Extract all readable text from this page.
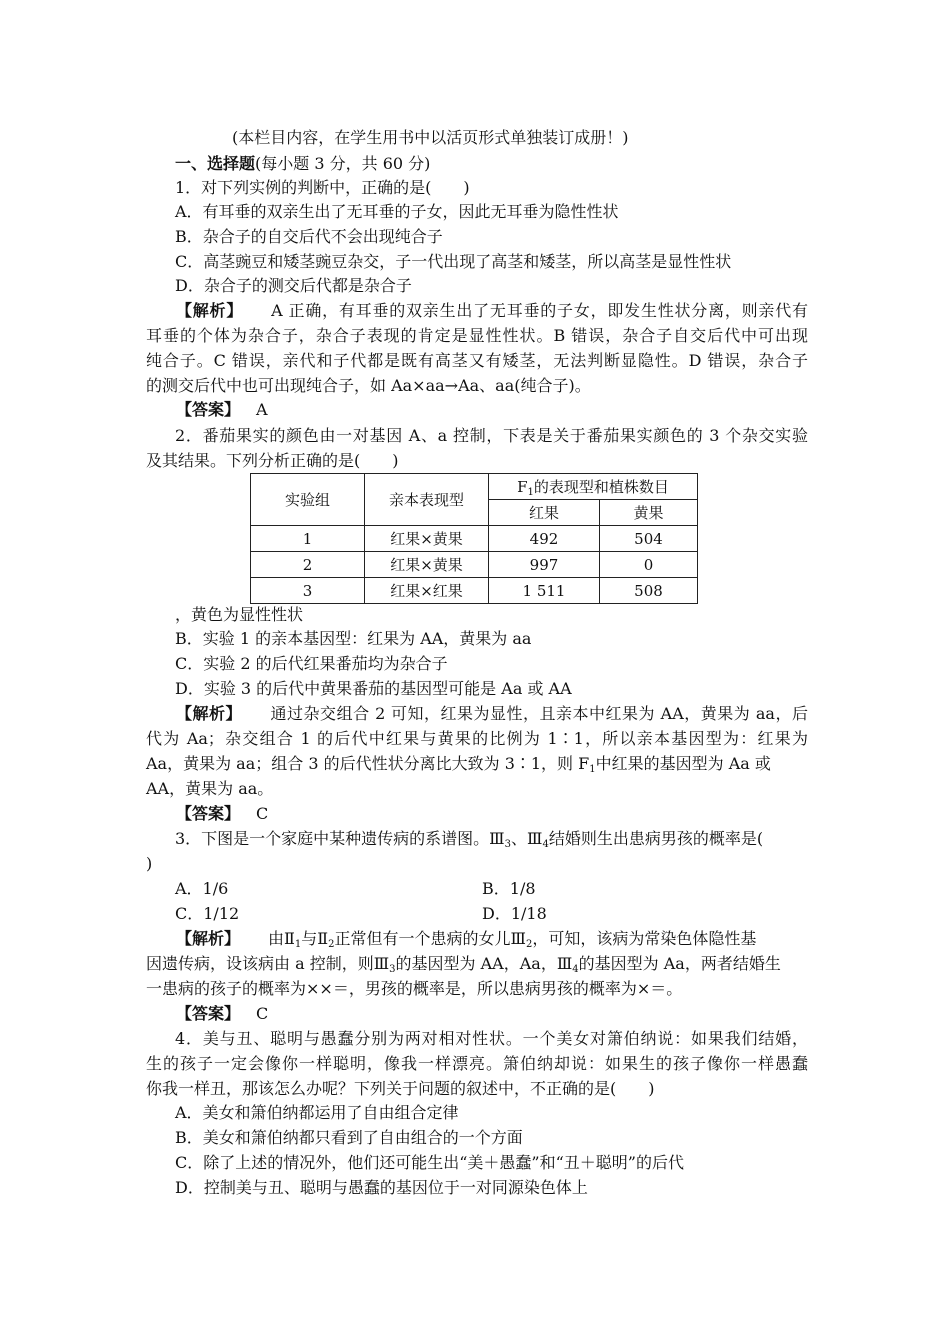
(本栏目内容，在学生用书中以活页形式单独装订成册！)
一、选择题(每小题 3 分，共 60 分)
1．对下列实例的判断中，正确的是(　　)
A．有耳垂的双亲生出了无耳垂的子女，因此无耳垂为隐性性状
B．杂合子的自交后代不会出现纯合子
C．高茎豌豆和矮茎豌豆杂交，子一代出现了高茎和矮茎，所以高茎是显性性状
D．杂合子的测交后代都是杂合子
【解析】 A 正确，有耳垂的双亲生出了无耳垂的子女，即发生性状分离，则亲代有
耳垂的个体为杂合子，杂合子表现的肯定是显性性状。B 错误，杂合子自交后代中可出现
纯合子。C 错误，亲代和子代都是既有高茎又有矮茎，无法判断显隐性。D 错误，杂合子
的测交后代中也可出现纯合子，如 Aa×aa→Aa、aa(纯合子)。
【答案】 A
2．番茄果实的颜色由一对基因 A、a 控制，下表是关于番茄果实颜色的 3 个杂交实验
及其结果。下列分析正确的是(　　)
实验组	亲本表现型	$F_1$的表现型和植株数目	
		红果	黄果
1	红果×黄果	492	504
2	红果×黄果	997	0
3	红果×红果	1 511	508
，黄色为显性性状
B．实验 1 的亲本基因型：红果为 AA，黄果为 aa
C．实验 2 的后代红果番茄均为杂合子
D．实验 3 的后代中黄果番茄的基因型可能是 Aa 或 AA
【解析】 通过杂交组合 2 可知，红果为显性，且亲本中红果为 AA，黄果为 aa，后
代为 Aa；杂交组合 1 的后代中红果与黄果的比例为 1∶1，所以亲本基因型为：红果为
Aa，黄果为 aa；组合 3 的后代性状分离比大致为 3∶1，则 $F_1$中红果的基因型为 Aa 或
AA，黄果为 aa。
【答案】 C
3．下图是一个家庭中某种遗传病的系谱图。$Ⅲ_3$、$Ⅲ_4$结婚则生出患病男孩的概率是(
)
A．1/6	B．1/8
C．1/12	D．1/18
【解析】 由$Ⅱ_1$与$Ⅱ_2$正常但有一个患病的女儿$Ⅲ_2$，可知，该病为常染色体隐性基
因遗传病，设该病由 a 控制，则$Ⅲ_3$的基因型为 AA，Aa，$Ⅲ_4$的基因型为 Aa，两者结婚生
一患病的孩子的概率为××＝，男孩的概率是，所以患病男孩的概率为×＝。
【答案】 C
4．美与丑、聪明与愚蠢分别为两对相对性状。一个美女对箫伯纳说：如果我们结婚，
生的孩子一定会像你一样聪明，像我一样漂亮。箫伯纳却说：如果生的孩子像你一样愚蠢
你我一样丑，那该怎么办呢？下列关于问题的叙述中，不正确的是(　　)
A．美女和箫伯纳都运用了自由组合定律
B．美女和箫伯纳都只看到了自由组合的一个方面
C．除了上述的情况外，他们还可能生出“美＋愚蠢”和“丑＋聪明”的后代
D．控制美与丑、聪明与愚蠢的基因位于一对同源染色体上
